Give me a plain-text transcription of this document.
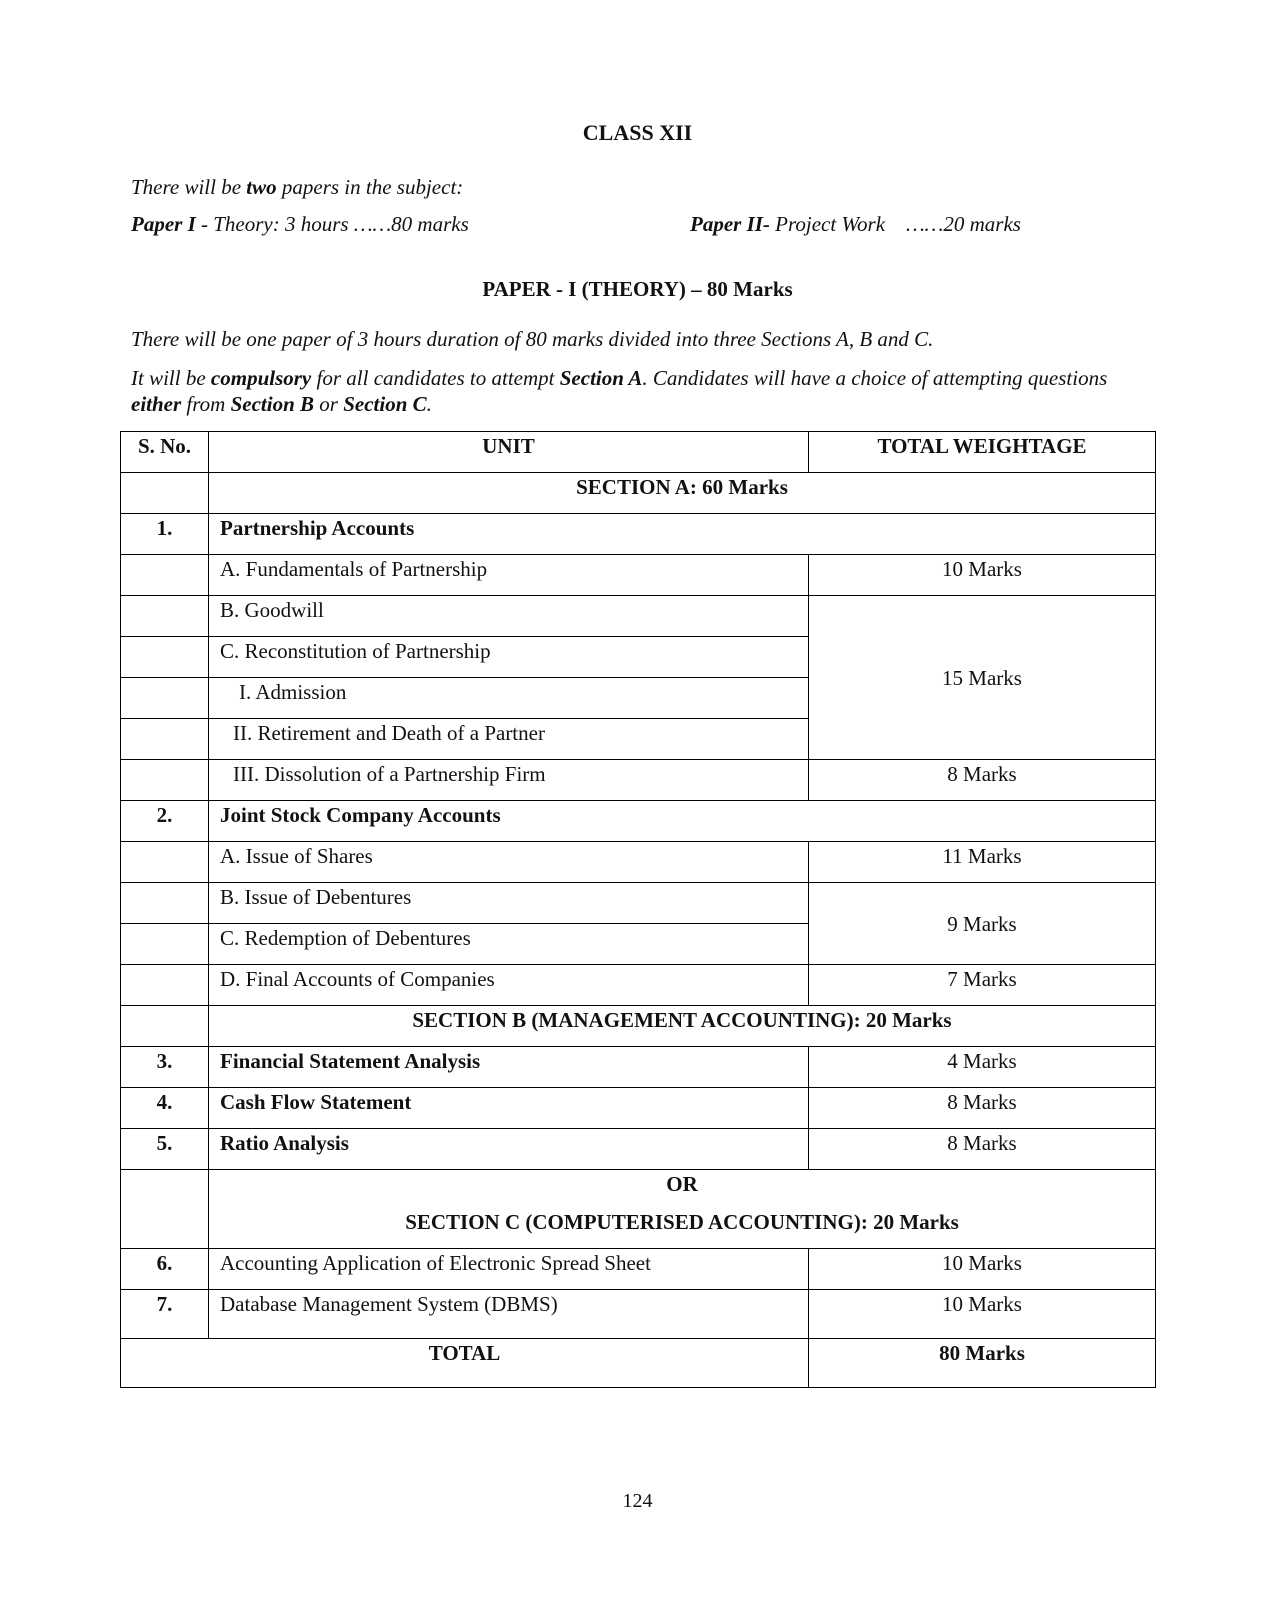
CLASS XII
There will be two papers in the subject:
Paper I - Theory: 3 hours ……80 marks	Paper II- Project Work    ……20 marks
PAPER - I (THEORY) – 80 Marks
There will be one paper of 3 hours duration of 80 marks divided into three Sections A, B and C.
It will be compulsory for all candidates to attempt Section A. Candidates will have a choice of attempting questions either from Section B or Section C.
S. No.	UNIT	TOTAL WEIGHTAGE
	SECTION A: 60 Marks	
1.	Partnership Accounts	
	A. Fundamentals of Partnership	10 Marks
	B. Goodwill	15 Marks
	C. Reconstitution of Partnership	
	I. Admission	
	II. Retirement and Death of a Partner	
	III. Dissolution of a Partnership Firm	8 Marks
2.	Joint Stock Company Accounts	
	A. Issue of Shares	11 Marks
	B. Issue of Debentures	9 Marks
	C. Redemption of Debentures	
	D. Final Accounts of Companies	7 Marks
	SECTION B (MANAGEMENT ACCOUNTING): 20 Marks	
3.	Financial Statement Analysis	4 Marks
4.	Cash Flow Statement	8 Marks
5.	Ratio Analysis	8 Marks

	OR
SECTION C (COMPUTERISED ACCOUNTING): 20 Marks	

6.	Accounting Application of Electronic Spread Sheet	10 Marks
7.	Database Management System (DBMS)	10 Marks
TOTAL		80 Marks
124
